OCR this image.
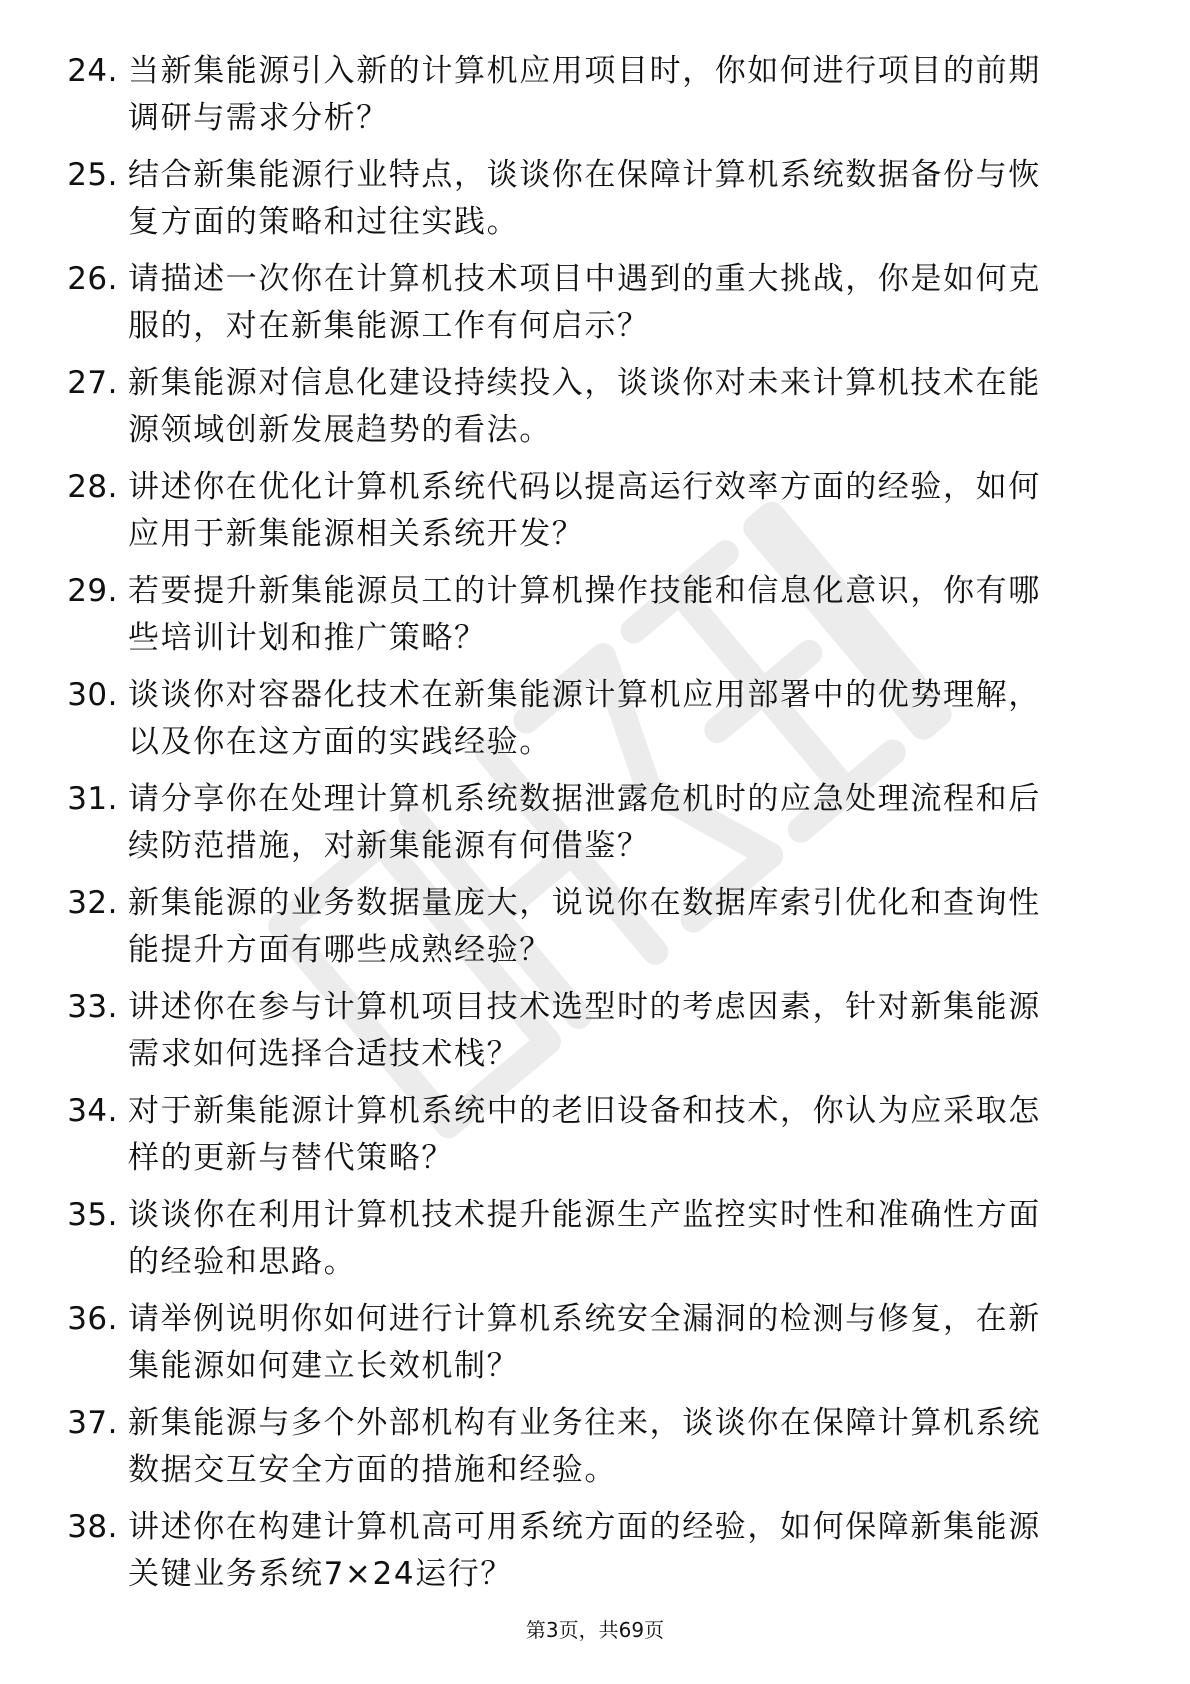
24. 当新集能源引入新的计算机应用项目时，你如何进行项目的前期
调研与需求分析？
25. 结合新集能源行业特点，谈谈你在保障计算机系统数据备份与恢
复方面的策略和过往实践。
26. 请描述一次你在计算机技术项目中遇到的重大挑战，你是如何克
服的，对在新集能源工作有何启示？
27. 新集能源对信息化建设持续投入，谈谈你对未来计算机技术在能
源领域创新发展趋势的看法。
28. 讲述你在优化计算机系统代码以提高运行效率方面的经验，如何
应用于新集能源相关系统开发？
29. 若要提升新集能源员工的计算机操作技能和信息化意识，你有哪
些培训计划和推广策略？
30. 谈谈你对容器化技术在新集能源计算机应用部署中的优势理解，
以及你在这方面的实践经验。
31. 请分享你在处理计算机系统数据泄露危机时的应急处理流程和后
续防范措施，对新集能源有何借鉴？
32. 新集能源的业务数据量庞大，说说你在数据库索引优化和查询性
能提升方面有哪些成熟经验？
33. 讲述你在参与计算机项目技术选型时的考虑因素，针对新集能源
需求如何选择合适技术栈？
34. 对于新集能源计算机系统中的老旧设备和技术，你认为应采取怎
样的更新与替代策略？
35. 谈谈你在利用计算机技术提升能源生产监控实时性和准确性方面
的经验和思路。
36. 请举例说明你如何进行计算机系统安全漏洞的检测与修复，在新
集能源如何建立长效机制？
37. 新集能源与多个外部机构有业务往来，谈谈你在保障计算机系统
数据交互安全方面的措施和经验。
38. 讲述你在构建计算机高可用系统方面的经验，如何保障新集能源
关键业务系统7×24运行？
第3页，共69页
